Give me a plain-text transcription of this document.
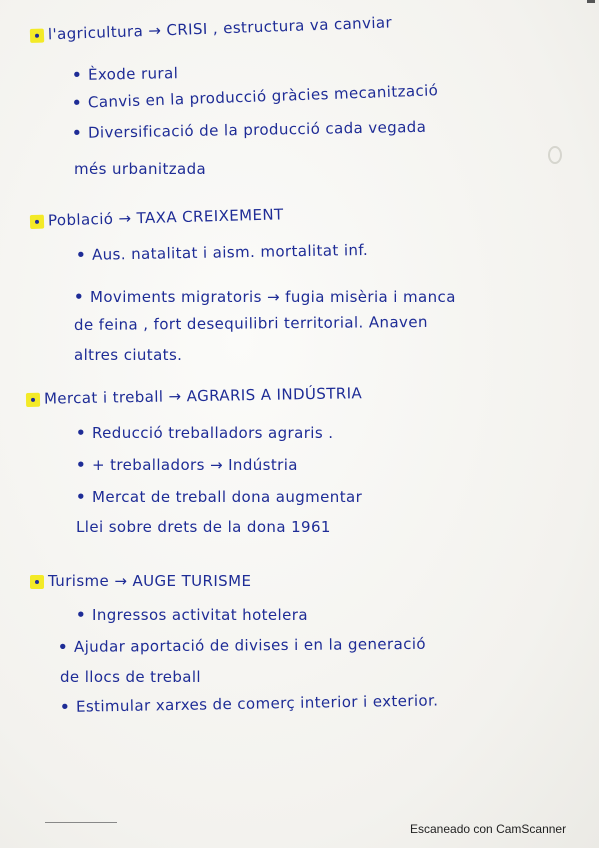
l'agricultura → CRISI , estructura va canviar
• Èxode rural
• Canvis en la producció gràcies mecanització
• Diversificació de la producció cada vegada
més urbanitzada
Població → TAXA CREIXEMENT
• Aus. natalitat i aism. mortalitat inf.
• Moviments migratoris → fugia misèria i manca
de feina , fort desequilibri territorial. Anaven
altres ciutats.
Mercat i treball → AGRARIS A INDÚSTRIA
• Reducció treballadors agraris .
• + treballadors → Indústria
• Mercat de treball dona augmentar
Llei sobre drets de la dona 1961
Turisme → AUGE TURISME
• Ingressos activitat hotelera
• Ajudar aportació de divises i en la generació
de llocs de treball
• Estimular xarxes de comerç interior i exterior.
Escaneado con CamScanner
